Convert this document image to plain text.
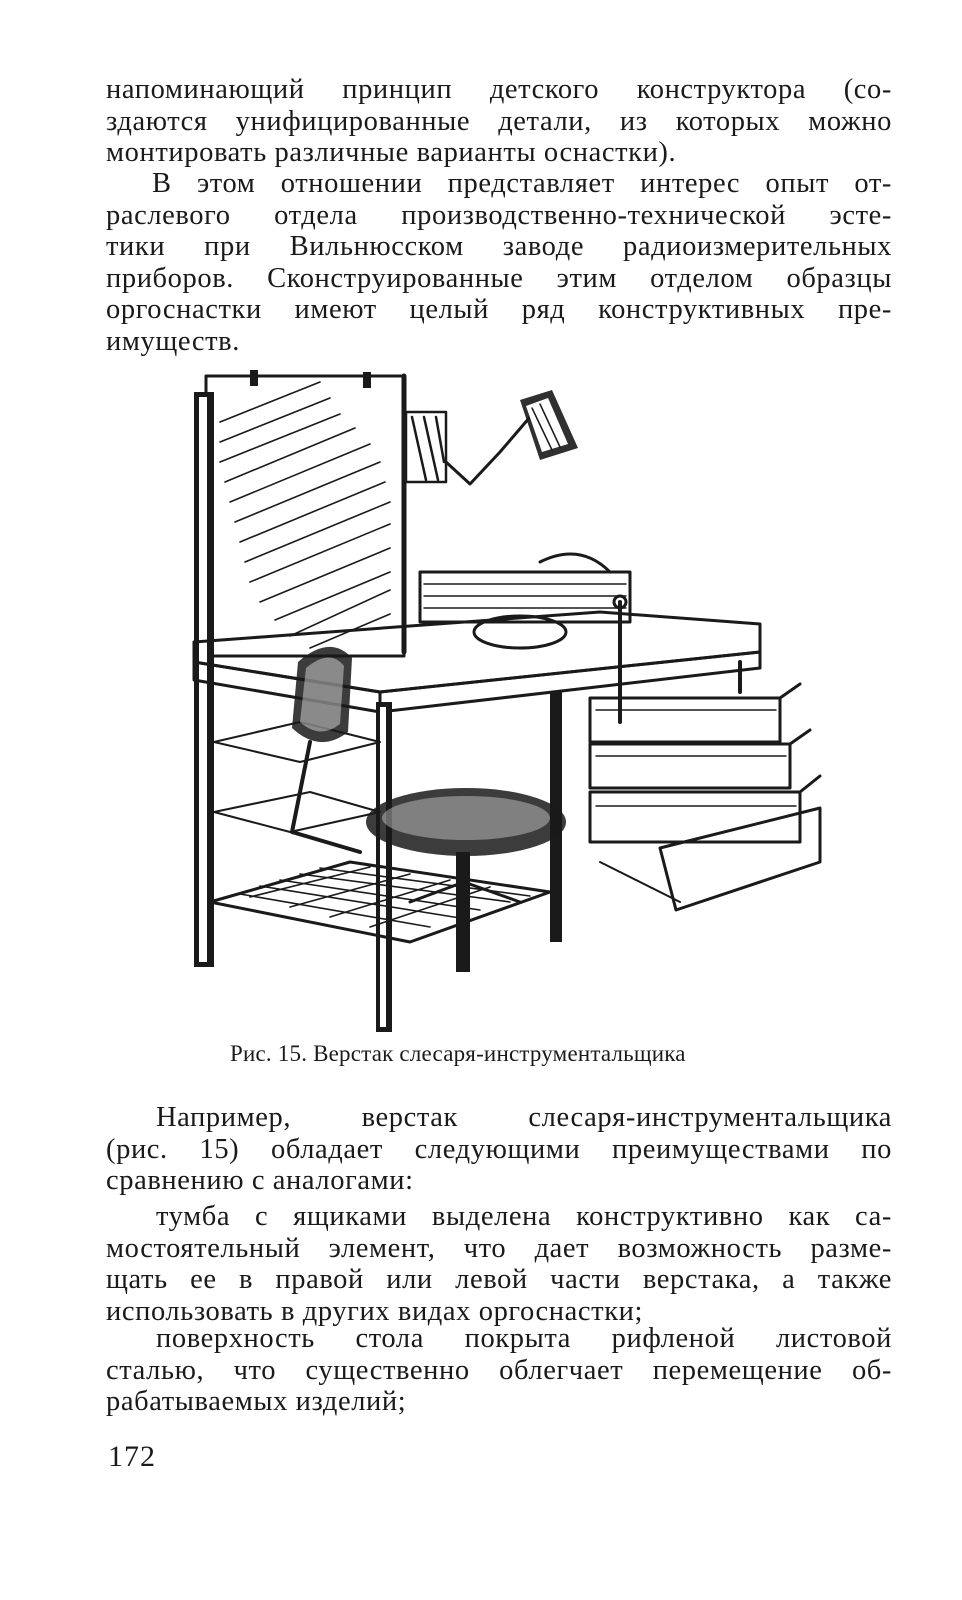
напоминающий принцип детского конструктора (со-
здаются унифицированные детали, из которых можно
монтировать различные варианты оснастки).
В этом отношении представляет интерес опыт от-
раслевого отдела производственно-технической эсте-
тики при Вильнюсском заводе радиоизмерительных
приборов. Сконструированные этим отделом образцы
оргоснастки имеют целый ряд конструктивных пре-
имуществ.
Рис. 15. Верстак слесаря-инструментальщика
Например, верстак слесаря-инструментальщика
(рис. 15) обладает следующими преимуществами по
сравнению с аналогами:
тумба с ящиками выделена конструктивно как са-
мостоятельный элемент, что дает возможность разме-
щать ее в правой или левой части верстака, а также
использовать в других видах оргоснастки;
поверхность стола покрыта рифленой листовой
сталью, что существенно облегчает перемещение об-
рабатываемых изделий;
172
